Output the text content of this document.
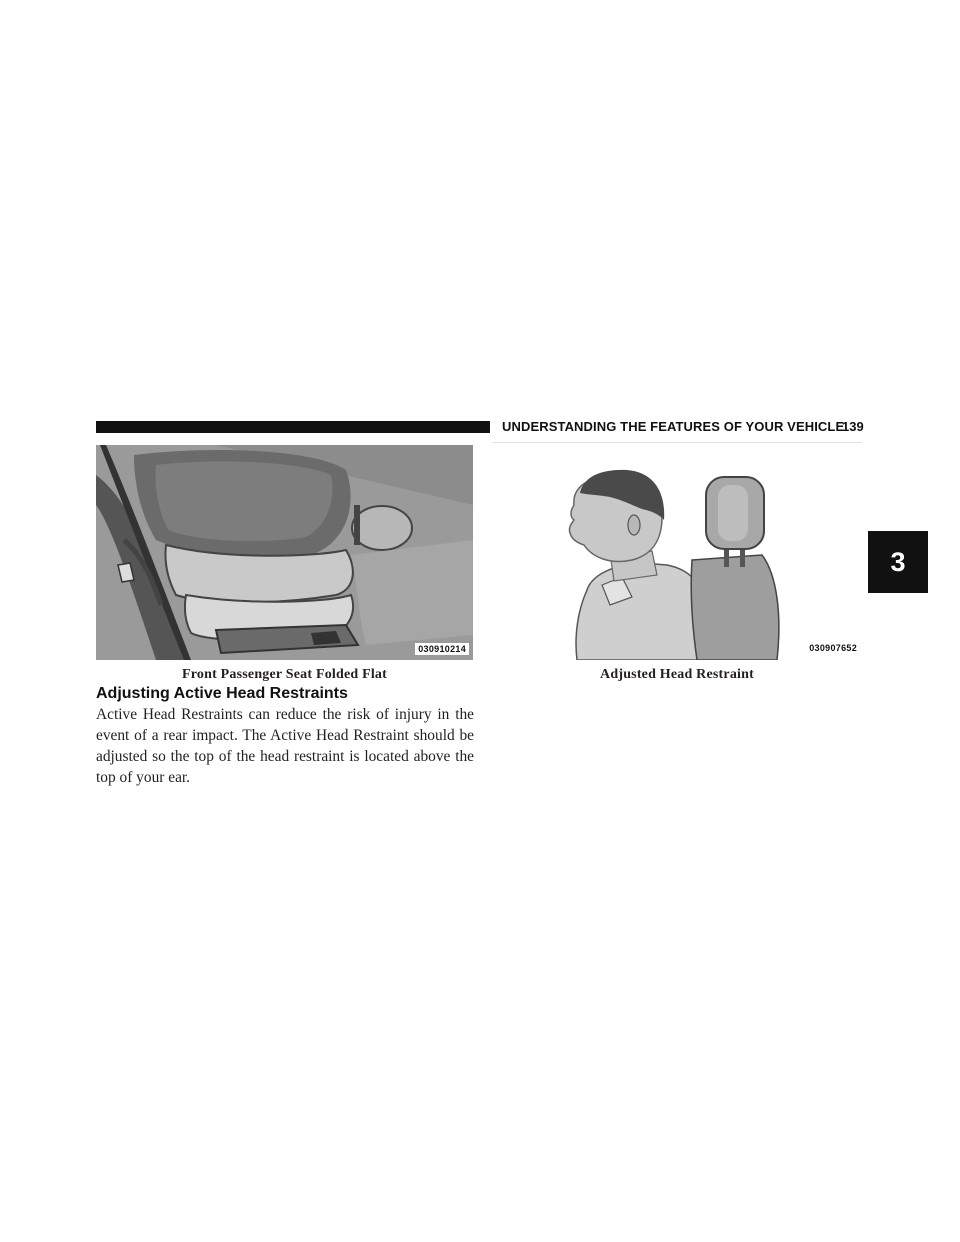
UNDERSTANDING THE FEATURES OF YOUR VEHICLE
139
3
030910214
Front Passenger Seat Folded Flat
030907652
Adjusted Head Restraint
Adjusting Active Head Restraints
Active Head Restraints can reduce the risk of injury in the event of a rear impact. The Active Head Restraint should be adjusted so the top of the head restraint is located above the top of your ear.
